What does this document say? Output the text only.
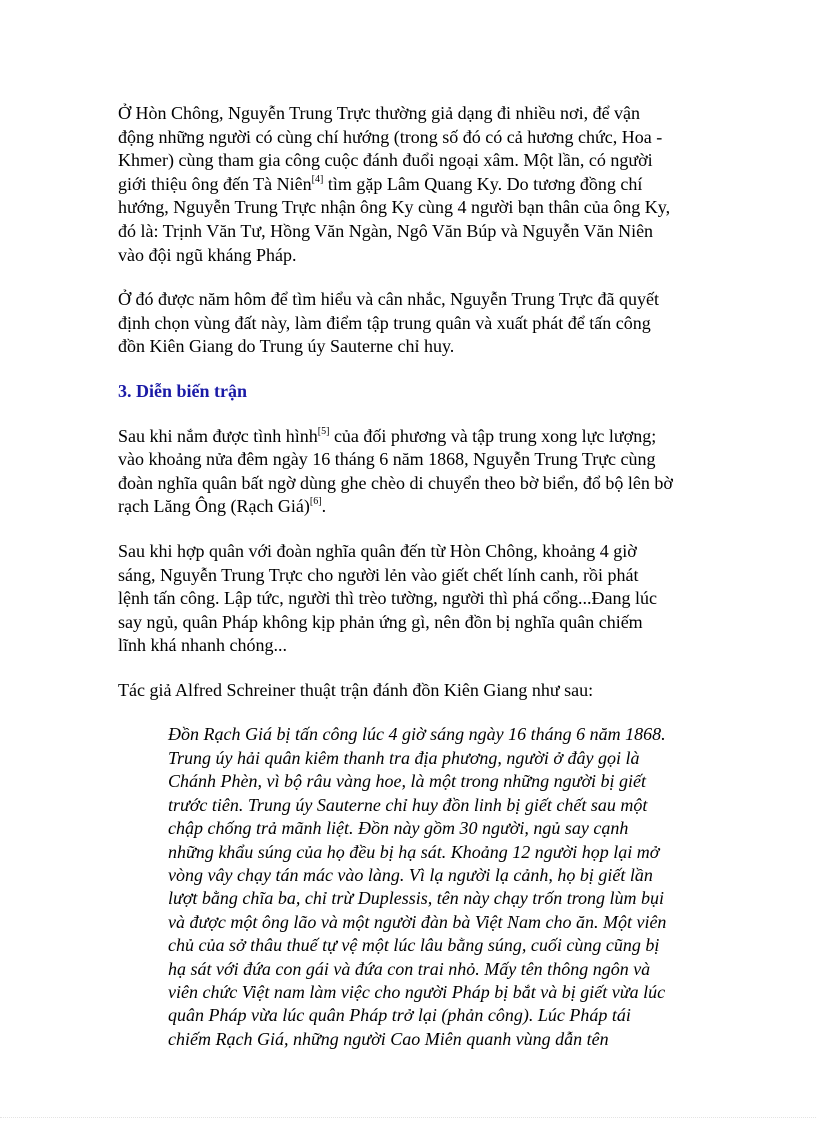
Ở Hòn Chông, Nguyễn Trung Trực thường giả dạng đi nhiều nơi, để vận
động những người có cùng chí hướng (trong số đó có cả hương chức, Hoa -
Khmer) cùng tham gia công cuộc đánh đuổi ngoại xâm. Một lần, có người
giới thiệu ông đến Tà Niên[4] tìm gặp Lâm Quang Ky. Do tương đồng chí
hướng, Nguyễn Trung Trực nhận ông Ky cùng 4 người bạn thân của ông Ky,
đó là: Trịnh Văn Tư, Hồng Văn Ngàn, Ngô Văn Búp và Nguyễn Văn Niên
vào đội ngũ kháng Pháp.
Ở đó được năm hôm để tìm hiểu và cân nhắc, Nguyễn Trung Trực đã quyết
định chọn vùng đất này, làm điểm tập trung quân và xuất phát để tấn công
đồn Kiên Giang do Trung úy Sauterne chỉ huy.
3. Diễn biến trận
Sau khi nắm được tình hình[5] của đối phương và tập trung xong lực lượng;
vào khoảng nửa đêm ngày 16 tháng 6 năm 1868, Nguyễn Trung Trực cùng
đoàn nghĩa quân bất ngờ dùng ghe chèo di chuyển theo bờ biển, đổ bộ lên bờ
rạch Lăng Ông (Rạch Giá)[6].
Sau khi hợp quân với đoàn nghĩa quân đến từ Hòn Chông, khoảng 4 giờ
sáng, Nguyễn Trung Trực cho người lẻn vào giết chết lính canh, rồi phát
lệnh tấn công. Lập tức, người thì trèo tường, người thì phá cổng...Đang lúc
say ngủ, quân Pháp không kịp phản ứng gì, nên đồn bị nghĩa quân chiếm
lĩnh khá nhanh chóng...
Tác giả Alfred Schreiner thuật trận đánh đồn Kiên Giang như sau:
Đồn Rạch Giá bị tấn công lúc 4 giờ sáng ngày 16 tháng 6 năm 1868.
Trung úy hải quân kiêm thanh tra địa phương, người ở đây gọi là
Chánh Phèn, vì bộ râu vàng hoe, là một trong những người bị giết
trước tiên. Trung úy Sauterne chỉ huy đồn linh bị giết chết sau một
chập chống trả mãnh liệt. Đồn này gồm 30 người, ngủ say cạnh
những khẩu súng của họ đều bị hạ sát. Khoảng 12 người họp lại mở
vòng vây chạy tán mác vào làng. Vì lạ người lạ cảnh, họ bị giết lần
lượt bằng chĩa ba, chỉ trừ Duplessis, tên này chạy trốn trong lùm bụi
và được một ông lão và một người đàn bà Việt Nam cho ăn. Một viên
chủ của sở thâu thuế tự vệ một lúc lâu bằng súng, cuối cùng cũng bị
hạ sát với đứa con gái và đứa con trai nhỏ. Mấy tên thông ngôn và
viên chức Việt nam làm việc cho người Pháp bị bắt và bị giết vừa lúc
quân Pháp vừa lúc quân Pháp trở lại (phản công). Lúc Pháp tái
chiếm Rạch Giá, những người Cao Miên quanh vùng dẫn tên
